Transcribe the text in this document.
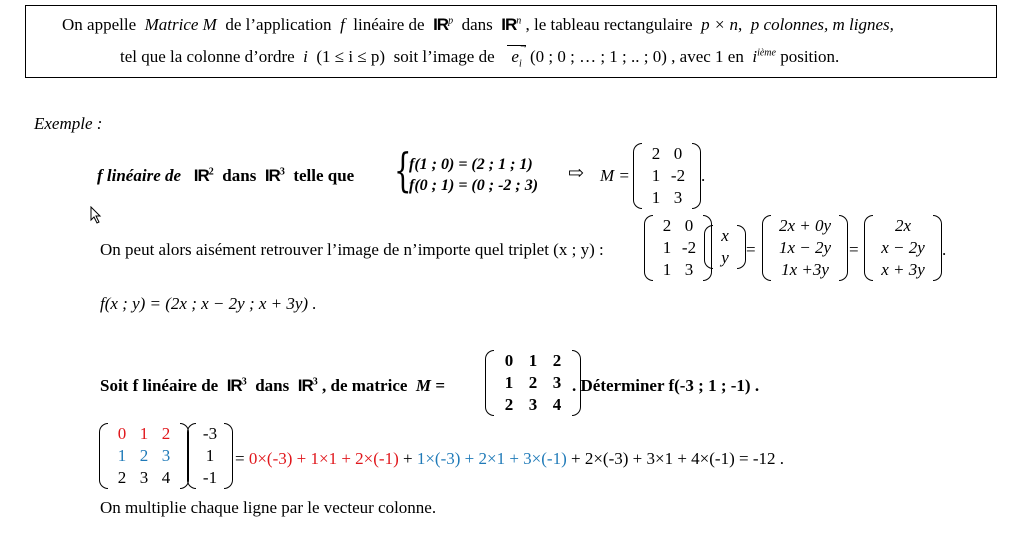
On appelle Matrice M de l’application f linéaire de $IR^p$ dans $IR^n$ , le tableau rectangulaire p × n, p colonnes, m lignes,
tel que la colonne d’ordre i (1 ≤ i ≤ p) soit l’image de
→
$e_i$ (0 ; 0 ; … ; 1 ; .. ; 0) , avec 1 en $i^{ième}$ position.
Exemple :
f linéaire de $IR^2$ dans $IR^3$ telle que {
f(1 ; 0) = (2 ; 1 ; 1)
f(0 ; 1) = (0 ; -2 ; 3)
⇨ M =
2 0
1 -2
1 3
.
On peut alors aisément retrouver l’image de n’importe quel triplet (x ; y) :
2 0
1 -2
1 3
x
y	=
2x + 0y
1x − 2y
1x +3y
=
2x
x − 2y
x + 3y
.
f(x ; y) = (2x ; x − 2y ; x + 3y) .
Soit f linéaire de $IR^3$ dans $IR^3$ , de matrice M =
0 1 2
1 2 3
2 3 4
. Déterminer f(-3 ; 1 ; -1) .
0 1 2
1 2 3
2 3 4
-3
1
-1
= 0×(-3) + 1×1 + 2×(-1) + 1×(-3) + 2×1 + 3×(-1) + 2×(-3) + 3×1 + 4×(-1) = -12 .
On multiplie chaque ligne par le vecteur colonne.
